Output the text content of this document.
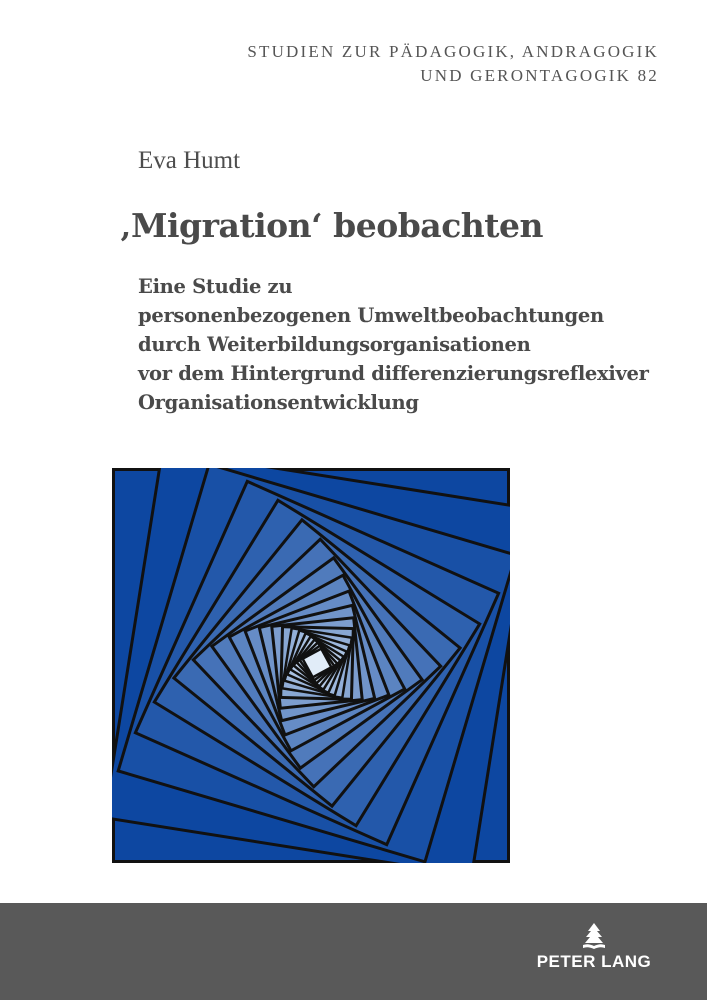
STUDIEN ZUR PÄDAGOGIK, ANDRAGOGIK
UND GERONTAGOGIK 82
Eva Humt
‚Migration‘ beobachten
Eine Studie zu
personenbezogenen Umweltbeobachtungen
durch Weiterbildungsorganisationen
vor dem Hintergrund differenzierungsreflexiver
Organisationsentwicklung
PETER LANG
